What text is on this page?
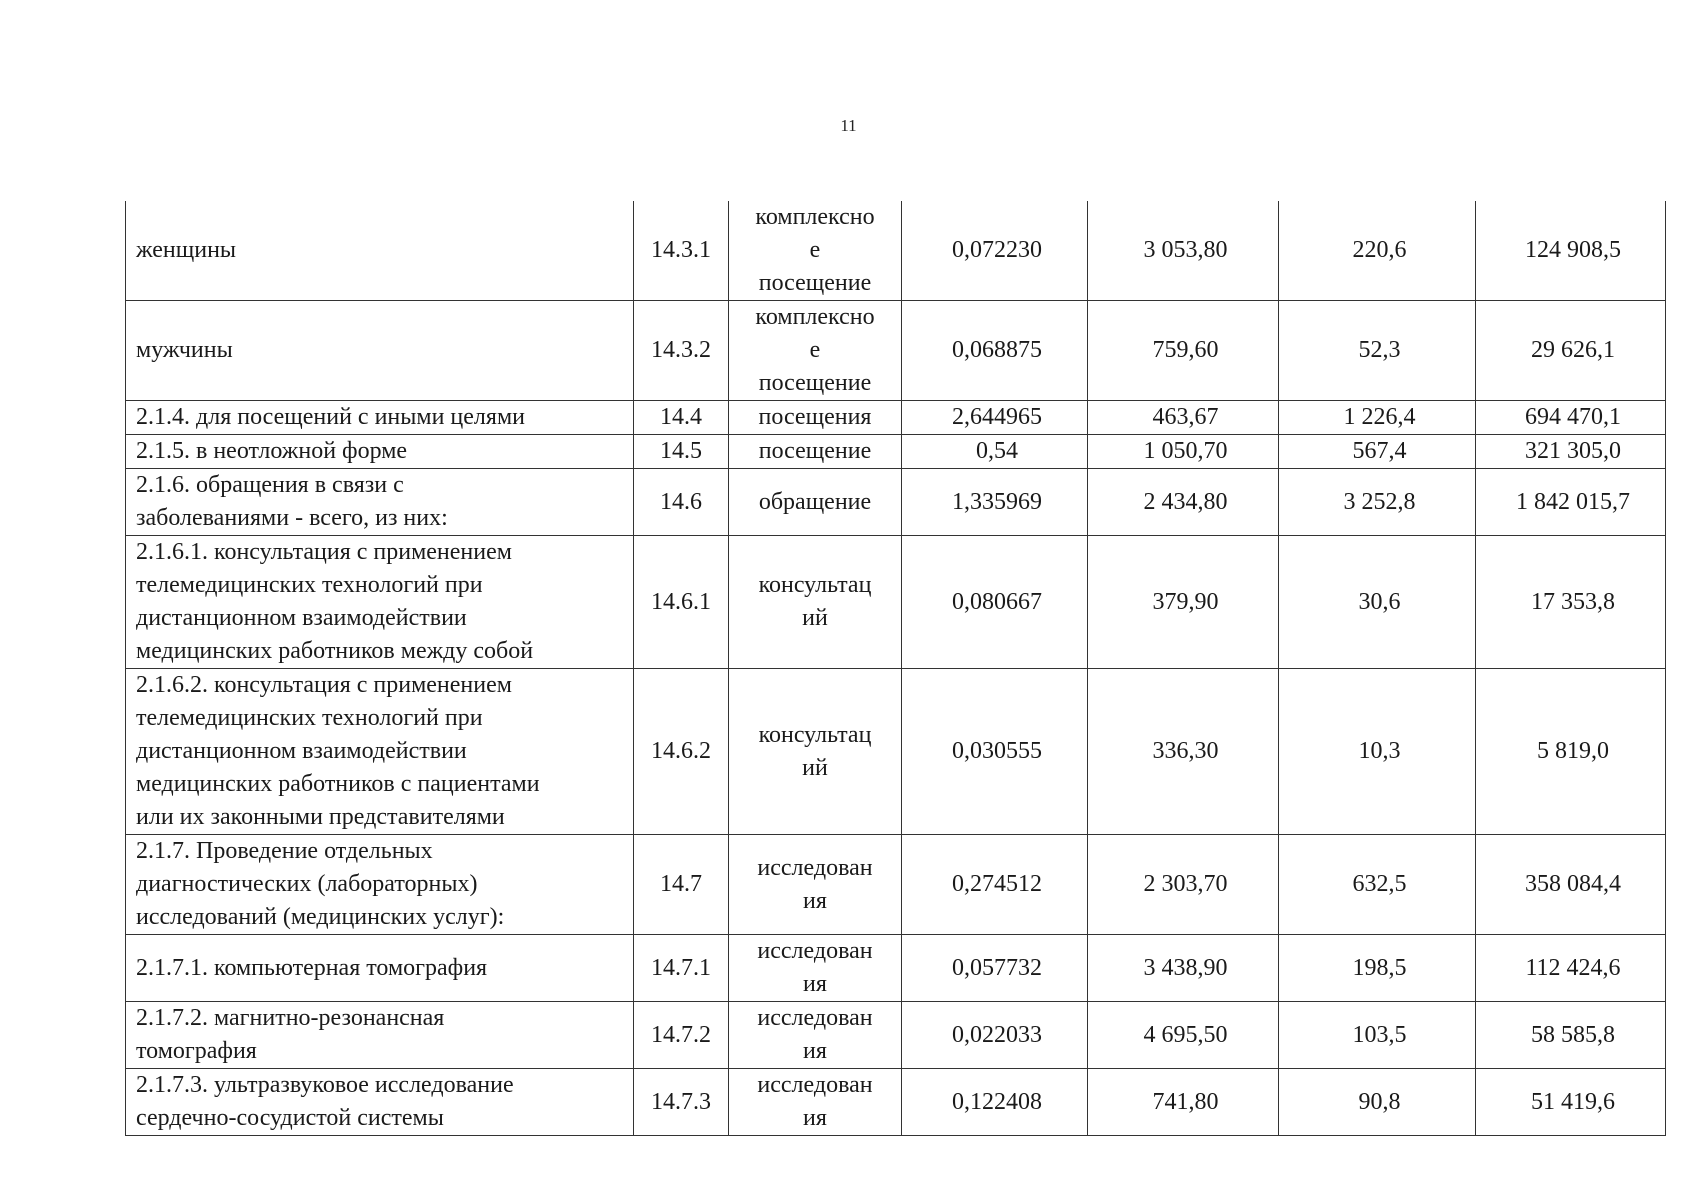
11
женщины	14.3.1	комплексно
е
посещение	0,072230	3 053,80	220,6	124 908,5
мужчины	14.3.2	комплексно
е
посещение	0,068875	759,60	52,3	29 626,1
2.1.4. для посещений с иными целями	14.4	посещения	2,644965	463,67	1 226,4	694 470,1
2.1.5. в неотложной форме	14.5	посещение	0,54	1 050,70	567,4	321 305,0
2.1.6. обращения в связи с
заболеваниями - всего, из них:	14.6	обращение	1,335969	2 434,80	3 252,8	1 842 015,7
2.1.6.1. консультация с применением
телемедицинских технологий при
дистанционном взаимодействии
медицинских работников между собой	14.6.1	консультац
ий	0,080667	379,90	30,6	17 353,8
2.1.6.2. консультация с применением
телемедицинских технологий при
дистанционном взаимодействии
медицинских работников с пациентами
или их законными представителями	14.6.2	консультац
ий	0,030555	336,30	10,3	5 819,0
2.1.7. Проведение отдельных
диагностических (лабораторных)
исследований (медицинских услуг):	14.7	исследован
ия	0,274512	2 303,70	632,5	358 084,4
2.1.7.1. компьютерная томография	14.7.1	исследован
ия	0,057732	3 438,90	198,5	112 424,6
2.1.7.2. магнитно-резонансная
томография	14.7.2	исследован
ия	0,022033	4 695,50	103,5	58 585,8
2.1.7.3. ультразвуковое исследование
сердечно-сосудистой системы	14.7.3	исследован
ия	0,122408	741,80	90,8	51 419,6
